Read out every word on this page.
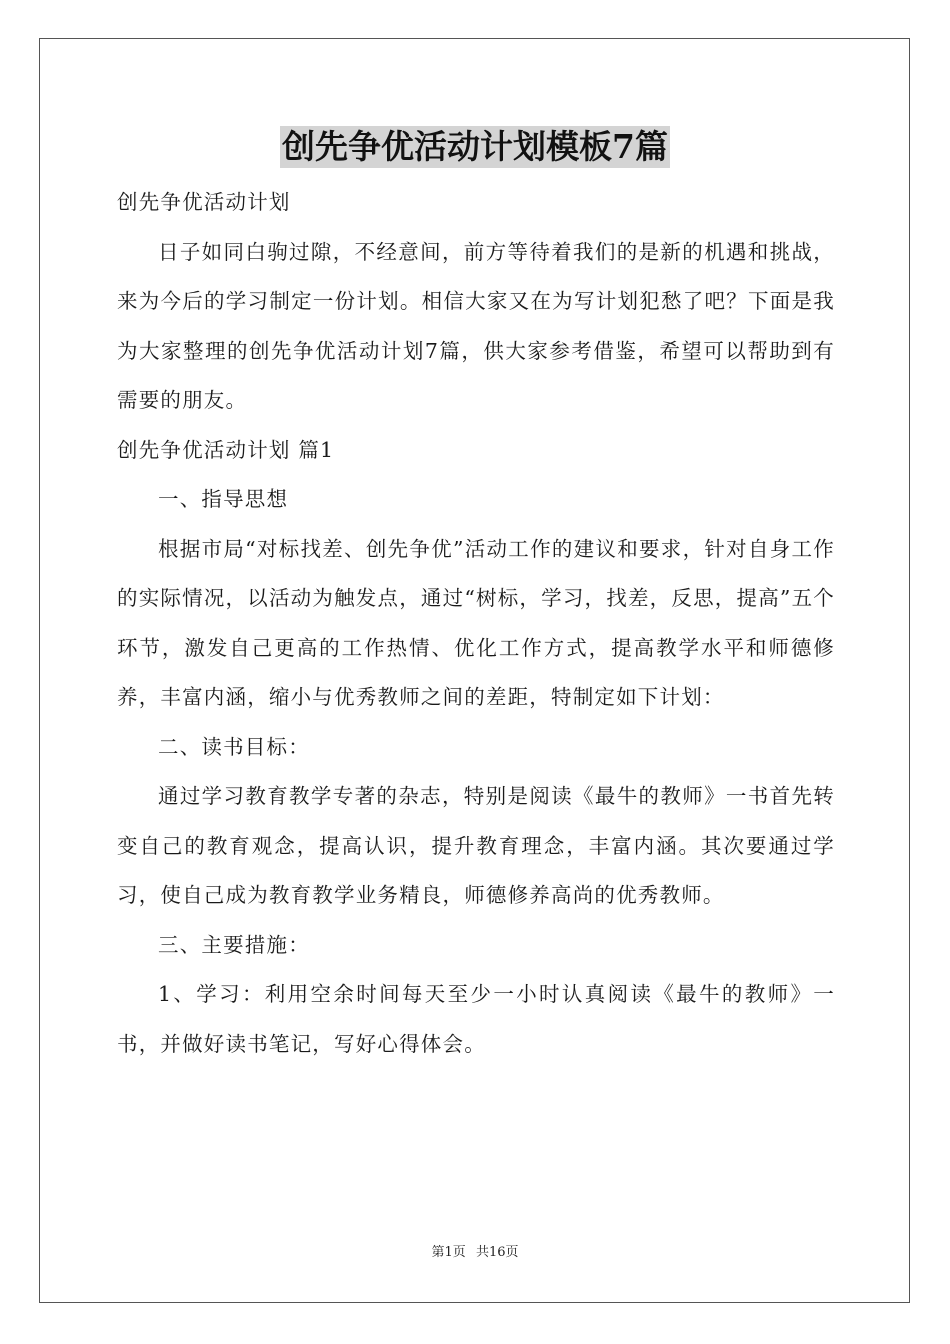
创先争优活动计划模板7篇

创先争优活动计划

日子如同白驹过隙，不经意间，前方等待着我们的是新的机遇和挑战，来为今后的学习制定一份计划。相信大家又在为写计划犯愁了吧？下面是我为大家整理的创先争优活动计划7篇，供大家参考借鉴，希望可以帮助到有需要的朋友。

创先争优活动计划 篇1

一、指导思想

根据市局“对标找差、创先争优”活动工作的建议和要求，针对自身工作的实际情况，以活动为触发点，通过“树标，学习，找差，反思，提高”五个环节，激发自己更高的工作热情、优化工作方式，提高教学水平和师德修养，丰富内涵，缩小与优秀教师之间的差距，特制定如下计划：

二、读书目标：

通过学习教育教学专著的杂志，特别是阅读《最牛的教师》一书首先转变自己的教育观念，提高认识，提升教育理念，丰富内涵。其次要通过学习，使自己成为教育教学业务精良，师德修养高尚的优秀教师。

三、主要措施：

1、学习：利用空余时间每天至少一小时认真阅读《最牛的教师》一书，并做好读书笔记，写好心得体会。

第1页 共16页
